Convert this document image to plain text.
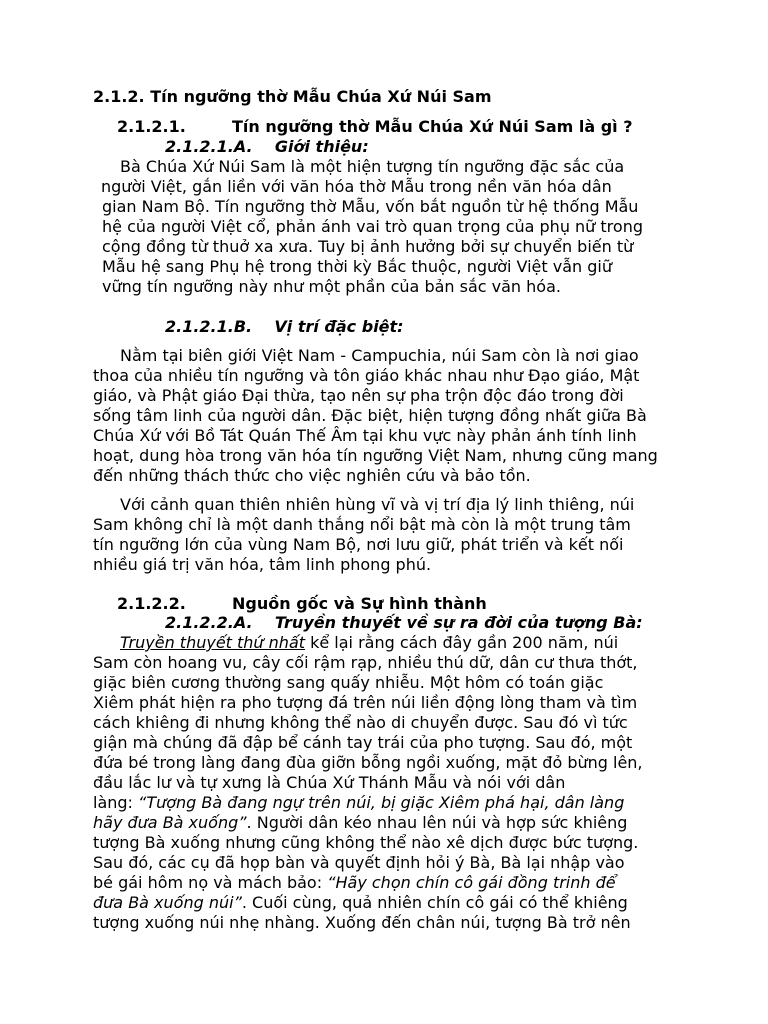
2.1.2. Tín ngưỡng thờ Mẫu Chúa Xứ Núi Sam
2.1.2.1.	Tín ngưỡng thờ Mẫu Chúa Xứ Núi Sam là gì ?
2.1.2.1.A.    Giới thiệu:
Bà Chúa Xứ Núi Sam là một hiện tượng tín ngưỡng đặc sắc của
người Việt, gắn liền với văn hóa thờ Mẫu trong nền văn hóa dân
gian Nam Bộ. Tín ngưỡng thờ Mẫu, vốn bắt nguồn từ hệ thống Mẫu
hệ của người Việt cổ, phản ánh vai trò quan trọng của phụ nữ trong
cộng đồng từ thuở xa xưa. Tuy bị ảnh hưởng bởi sự chuyển biến từ
Mẫu hệ sang Phụ hệ trong thời kỳ Bắc thuộc, người Việt vẫn giữ
vững tín ngưỡng này như một phần của bản sắc văn hóa.
2.1.2.1.B.    Vị trí đặc biệt:
Nằm tại biên giới Việt Nam - Campuchia, núi Sam còn là nơi giao
thoa của nhiều tín ngưỡng và tôn giáo khác nhau như Đạo giáo, Mật
giáo, và Phật giáo Đại thừa, tạo nên sự pha trộn độc đáo trong đời
sống tâm linh của người dân. Đặc biệt, hiện tượng đồng nhất giữa Bà
Chúa Xứ với Bồ Tát Quán Thế Âm tại khu vực này phản ánh tính linh
hoạt, dung hòa trong văn hóa tín ngưỡng Việt Nam, nhưng cũng mang
đến những thách thức cho việc nghiên cứu và bảo tồn.
Với cảnh quan thiên nhiên hùng vĩ và vị trí địa lý linh thiêng, núi
Sam không chỉ là một danh thắng nổi bật mà còn là một trung tâm
tín ngưỡng lớn của vùng Nam Bộ, nơi lưu giữ, phát triển và kết nối
nhiều giá trị văn hóa, tâm linh phong phú.
2.1.2.2.	Nguồn gốc và Sự hình thành
2.1.2.2.A.    Truyền thuyết về sự ra đời của tượng Bà:
Truyền thuyết thứ nhất kể lại rằng cách đây gần 200 năm, núi
Sam còn hoang vu, cây cối rậm rạp, nhiều thú dữ, dân cư thưa thớt,
giặc biên cương thường sang quấy nhiễu. Một hôm có toán giặc
Xiêm phát hiện ra pho tượng đá trên núi liền động lòng tham và tìm
cách khiêng đi nhưng không thể nào di chuyển được. Sau đó vì tức
giận mà chúng đã đập bể cánh tay trái của pho tượng. Sau đó, một
đứa bé trong làng đang đùa giỡn bỗng ngồi xuống, mặt đỏ bừng lên,
đầu lắc lư và tự xưng là Chúa Xứ Thánh Mẫu và nói với dân
làng: “Tượng Bà đang ngự trên núi, bị giặc Xiêm phá hại, dân làng
hãy đưa Bà xuống”. Người dân kéo nhau lên núi và hợp sức khiêng
tượng Bà xuống nhưng cũng không thể nào xê dịch được bức tượng.
Sau đó, các cụ đã họp bàn và quyết định hỏi ý Bà, Bà lại nhập vào
bé gái hôm nọ và mách bảo: “Hãy chọn chín cô gái đồng trinh để
đưa Bà xuống núi”. Cuối cùng, quả nhiên chín cô gái có thể khiêng
tượng xuống núi nhẹ nhàng. Xuống đến chân núi, tượng Bà trở nên
